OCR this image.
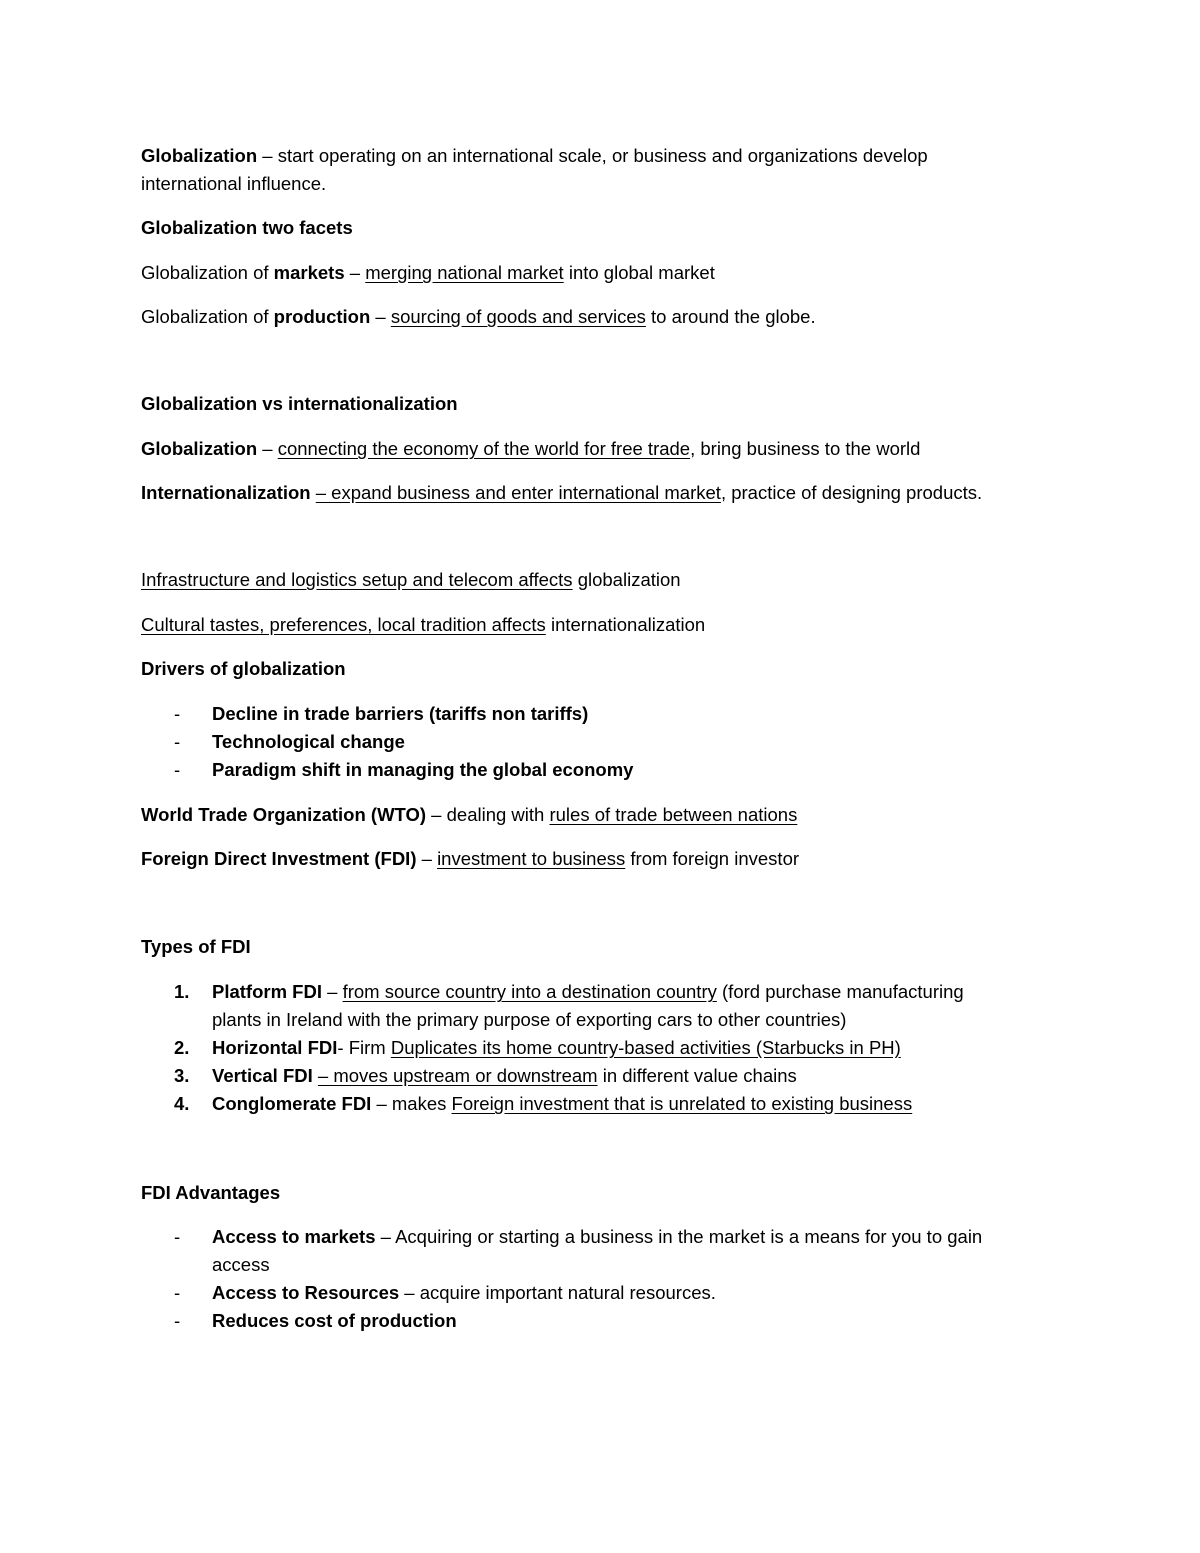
Globalization – start operating on an international scale, or business and organizations develop
international influence.
Globalization two facets
Globalization of markets – merging national market into global market
Globalization of production – sourcing of goods and services to around the globe.
Globalization vs internationalization
Globalization – connecting the economy of the world for free trade, bring business to the world
Internationalization – expand business and enter international market, practice of designing products.
Infrastructure and logistics setup and telecom affects globalization
Cultural tastes, preferences, local tradition affects internationalization
Drivers of globalization
-	Decline in trade barriers (tariffs non tariffs)
-	Technological change
-	Paradigm shift in managing the global economy
World Trade Organization (WTO) – dealing with rules of trade between nations
Foreign Direct Investment (FDI) – investment to business from foreign investor
Types of FDI
1.	Platform FDI – from source country into a destination country (ford purchase manufacturing
plants in Ireland with the primary purpose of exporting cars to other countries)
2.	Horizontal FDI- Firm Duplicates its home country-based activities (Starbucks in PH)
3.	Vertical FDI – moves upstream or downstream in different value chains
4.	Conglomerate FDI – makes Foreign investment that is unrelated to existing business
FDI Advantages
-	Access to markets – Acquiring or starting a business in the market is a means for you to gain
access
-	Access to Resources – acquire important natural resources.
-	Reduces cost of production
